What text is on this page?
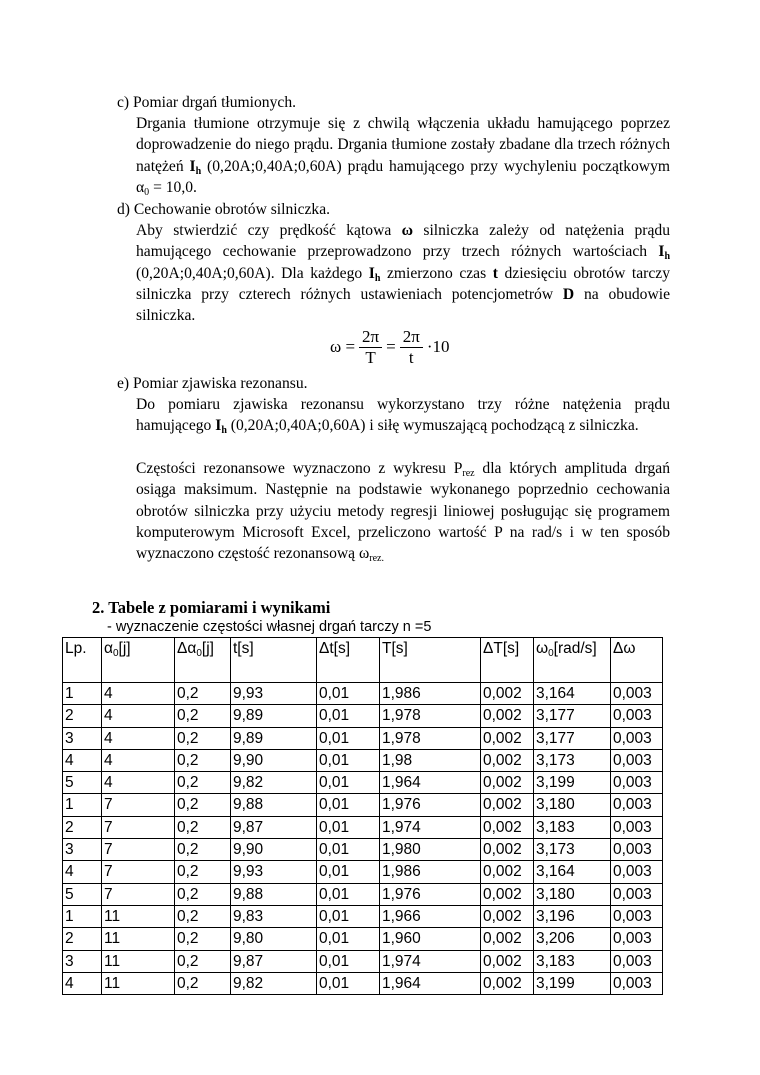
c) Pomiar drgań tłumionych.
Drgania tłumione otrzymuje się z chwilą włączenia układu hamującego poprzez doprowadzenie do niego prądu. Drgania tłumione zostały zbadane dla trzech różnych natężeń $I_h$ (0,20A;0,40A;0,60A) prądu hamującego przy wychyleniu początkowym $\alpha_0 = 10,0$.
d) Cechowanie obrotów silniczka.
Aby stwierdzić czy prędkość kątowa ω silniczka zależy od natężenia prądu hamującego cechowanie przeprowadzono przy trzech różnych wartościach $I_h$ (0,20A;0,40A;0,60A). Dla każdego $I_h$ zmierzono czas t dziesięciu obrotów tarczy silniczka przy czterech różnych ustawieniach potencjometrów D na obudowie silniczka.
$\omega = \frac{2\pi}{T} = \frac{2\pi}{t} \cdot 10$
e) Pomiar zjawiska rezonansu.
Do pomiaru zjawiska rezonansu wykorzystano trzy różne natężenia prądu hamującego $I_h$ (0,20A;0,40A;0,60A) i siłę wymuszającą pochodzącą z silniczka.
Częstości rezonansowe wyznaczono z wykresu $P_{rez}$ dla których amplituda drgań osiąga maksimum. Następnie na podstawie wykonanego poprzednio cechowania obrotów silniczka przy użyciu metody regresji liniowej posługując się programem komputerowym Microsoft Excel, przeliczono wartość P na rad/s i w ten sposób wyznaczono częstość rezonansową $\omega_{rez.}$
2. Tabele z pomiarami i wynikami
- wyznaczenie częstości własnej drgań tarczy n =5
Lp.	$\alpha_0[j]$	$\Delta\alpha_0[j]$	t[s]	Δt[s]	T[s]	ΔT[s]	$\omega_0[rad/s]$	Δω
1	4	0,2	9,93	0,01	1,986	0,002	3,164	0,003
2	4	0,2	9,89	0,01	1,978	0,002	3,177	0,003
3	4	0,2	9,89	0,01	1,978	0,002	3,177	0,003
4	4	0,2	9,90	0,01	1,98	0,002	3,173	0,003
5	4	0,2	9,82	0,01	1,964	0,002	3,199	0,003
1	7	0,2	9,88	0,01	1,976	0,002	3,180	0,003
2	7	0,2	9,87	0,01	1,974	0,002	3,183	0,003
3	7	0,2	9,90	0,01	1,980	0,002	3,173	0,003
4	7	0,2	9,93	0,01	1,986	0,002	3,164	0,003
5	7	0,2	9,88	0,01	1,976	0,002	3,180	0,003
1	11	0,2	9,83	0,01	1,966	0,002	3,196	0,003
2	11	0,2	9,80	0,01	1,960	0,002	3,206	0,003
3	11	0,2	9,87	0,01	1,974	0,002	3,183	0,003
4	11	0,2	9,82	0,01	1,964	0,002	3,199	0,003
